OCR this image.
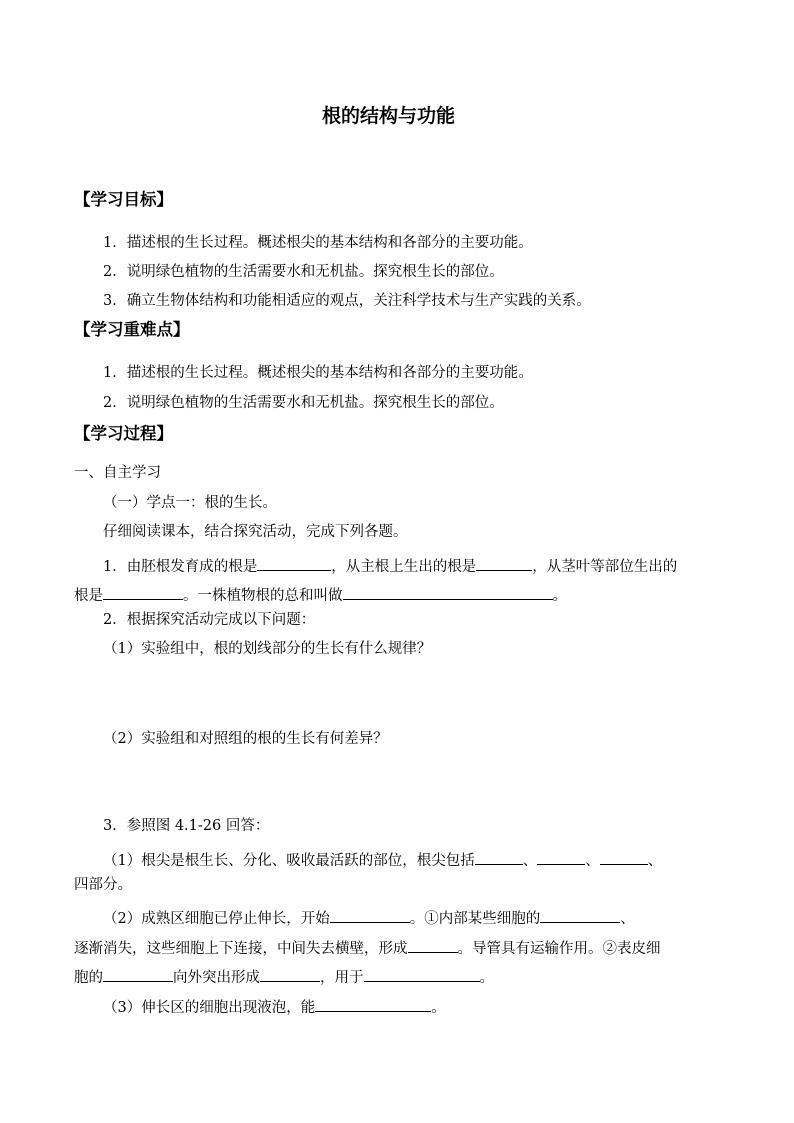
根的结构与功能
【学习目标】
1．描述根的生长过程。概述根尖的基本结构和各部分的主要功能。
2．说明绿色植物的生活需要水和无机盐。探究根生长的部位。
3．确立生物体结构和功能相适应的观点，关注科学技术与生产实践的关系。
【学习重难点】
1．描述根的生长过程。概述根尖的基本结构和各部分的主要功能。
2．说明绿色植物的生活需要水和无机盐。探究根生长的部位。
【学习过程】
一、自主学习
（一）学点一：根的生长。
仔细阅读课本，结合探究活动，完成下列各题。
1．由胚根发育成的根是	，从主根上生出的根是	，从茎叶等部位生出的
根是	。一株植物根的总和叫做	。
2．根据探究活动完成以下问题：
（1）实验组中，根的划线部分的生长有什么规律？
（2）实验组和对照组的根的生长有何差异？
3．参照图 4.1-26 回答：
（1）根尖是根生长、分化、吸收最活跃的部位，根尖包括	、	、	、
四部分。
（2）成熟区细胞已停止伸长，开始	。①内部某些细胞的	、
逐渐消失，这些细胞上下连接，中间失去横壁，形成	。导管具有运输作用。②表皮细
胞的	向外突出形成	，用于	。
（3）伸长区的细胞出现液泡，能	。
